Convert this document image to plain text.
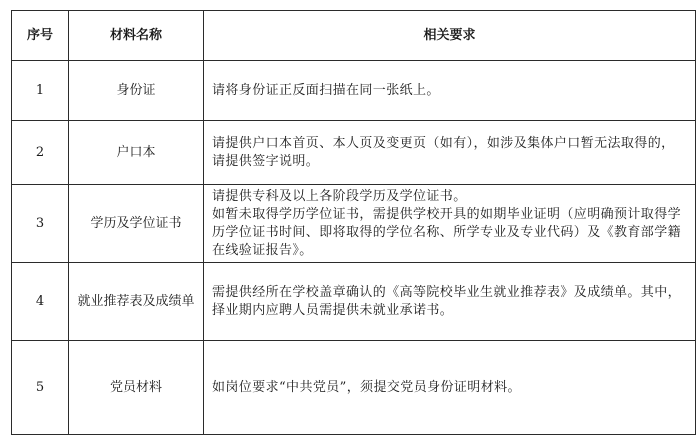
序号	材料名称	相关要求
1	身份证	请将身份证正反面扫描在同一张纸上。

2	户口本	请提供户口本首页、本人页及变更页（如有），如涉及集体户口暂无法取得的，
请提供签字说明。

3	学历及学位证书	请提供专科及以上各阶段学历及学位证书。
如暂未取得学历学位证书，需提供学校开具的如期毕业证明（应明确预计取得学
历学位证书时间、即将取得的学位名称、所学专业及专业代码）及《教育部学籍
在线验证报告》。

4	就业推荐表及成绩单	需提供经所在学校盖章确认的《高等院校毕业生就业推荐表》及成绩单。其中，
择业期内应聘人员需提供未就业承诺书。

5	党员材料	如岗位要求“中共党员”，须提交党员身份证明材料。
